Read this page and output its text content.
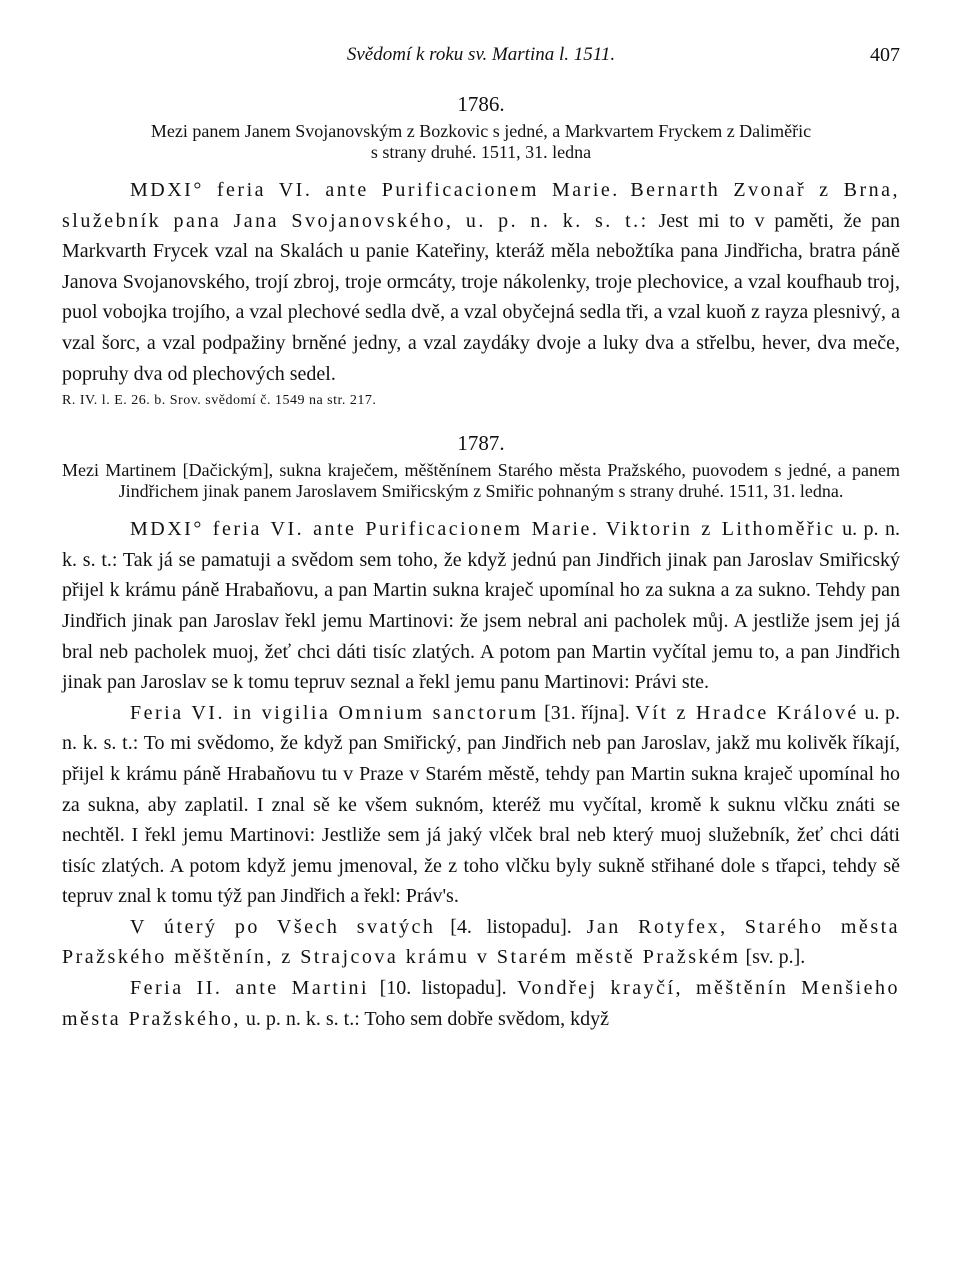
Svědomí k roku sv. Martina l. 1511.	407
1786.
Mezi panem Janem Svojanovským z Bozkovic s jedné, a Markvartem Fryckem z Daliměřic
s strany druhé. 1511, 31. ledna

MDXI° feria VI. ante Purificacionem Marie. Bernarth Zvonař z Brna, služebník pana Jana Svojanovského, u. p. n. k. s. t.: Jest mi to v paměti, že pan Markvarth Frycek vzal na Skalách u panie Kateřiny, kteráž měla nebožtíka pana Jindřicha, bratra páně Janova Svojanovského, trojí zbroj, troje ormcáty, troje nákolenky, troje plechovice, a vzal koufhaub troj, puol vobojka trojího, a vzal plechové sedla dvě, a vzal obyčejná sedla tři, a vzal kuoň z rayza plesnivý, a vzal šorc, a vzal podpažiny brněné jedny, a vzal zaydáky dvoje a luky dva a střelbu, hever, dva meče, popruhy dva od plechových sedel.

R. IV. l. E. 26. b. Srov. svědomí č. 1549 na str. 217.
1787.
Mezi Martinem [Dačickým], sukna kraječem, měštěnínem Starého města Pražského, puovodem s jedné, a panem Jindřichem jinak panem Jaroslavem Smiřicským z Smiřic pohnaným s strany druhé. 1511, 31. ledna.

MDXI° feria VI. ante Purificacionem Marie. Viktorin z Lithoměřic u. p. n. k. s. t.: Tak já se pamatuji a svědom sem toho, že když jednú pan Jindřich jinak pan Jaroslav Smiřicský přijel k krámu páně Hrabaňovu, a pan Martin sukna kraječ upomínal ho za sukna a za sukno. Tehdy pan Jindřich jinak pan Jaroslav řekl jemu Martinovi: že jsem nebral ani pacholek můj. A jestliže jsem jej já bral neb pacholek muoj, žeť chci dáti tisíc zlatých. A potom pan Martin vyčítal jemu to, a pan Jindřich jinak pan Jaroslav se k tomu tepruv seznal a řekl jemu panu Martinovi: Právi ste.

Feria VI. in vigilia Omnium sanctorum [31. října]. Vít z Hradce Králové u. p. n. k. s. t.: To mi svědomo, že když pan Smiřický, pan Jindřich neb pan Jaroslav, jakž mu kolivěk říkají, přijel k krámu páně Hrabaňovu tu v Praze v Starém městě, tehdy pan Martin sukna kraječ upomínal ho za sukna, aby zaplatil. I znal sě ke všem suknóm, kteréž mu vyčítal, kromě k suknu vlčku znáti se nechtěl. I řekl jemu Martinovi: Jestliže sem já jaký vlček bral neb který muoj služebník, žeť chci dáti tisíc zlatých. A potom když jemu jmenoval, že z toho vlčku byly sukně střihané dole s třapci, tehdy sě tepruv znal k tomu týž pan Jindřich a řekl: Práv's.

V úterý po Všech svatých [4. listopadu]. Jan Rotyfex, Starého města Pražského měštěnín, z Strajcova krámu v Starém městě Pražském [sv. p.].

Feria II. ante Martini [10. listopadu]. Vondřej krayčí, měštěnín Menšieho města Pražského, u. p. n. k. s. t.: Toho sem dobře svědom, když
